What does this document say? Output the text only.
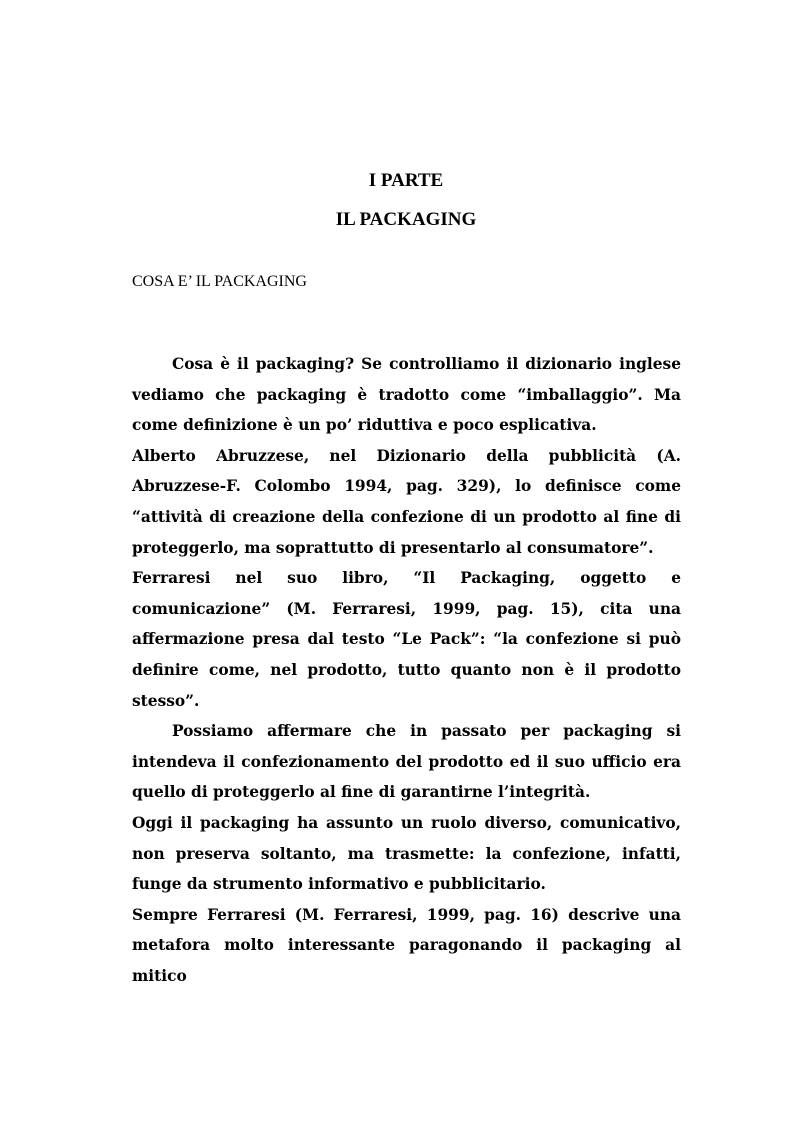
I PARTE
IL PACKAGING
COSA E’ IL PACKAGING

Cosa è il packaging? Se controlliamo il dizionario inglese vediamo che packaging è tradotto come “imballaggio”. Ma come definizione è un po’ riduttiva e poco esplicativa.

Alberto Abruzzese, nel Dizionario della pubblicità (A. Abruzzese-F. Colombo 1994, pag. 329), lo definisce come “attività di creazione della confezione di un prodotto al fine di proteggerlo, ma soprattutto di presentarlo al consumatore”.

Ferraresi nel suo libro, “Il Packaging, oggetto e comunicazione” (M. Ferraresi, 1999, pag. 15), cita una affermazione presa dal testo “Le Pack”: “la confezione si può definire come, nel prodotto, tutto quanto non è il prodotto stesso”.

Possiamo affermare che in passato per packaging si intendeva il confezionamento del prodotto ed il suo ufficio era quello di proteggerlo al fine di garantirne l’integrità.

Oggi il packaging ha assunto un ruolo diverso, comunicativo, non preserva soltanto, ma trasmette: la confezione, infatti, funge da strumento informativo e pubblicitario.

Sempre Ferraresi (M. Ferraresi, 1999, pag. 16) descrive una metafora molto interessante paragonando il packaging al mitico
